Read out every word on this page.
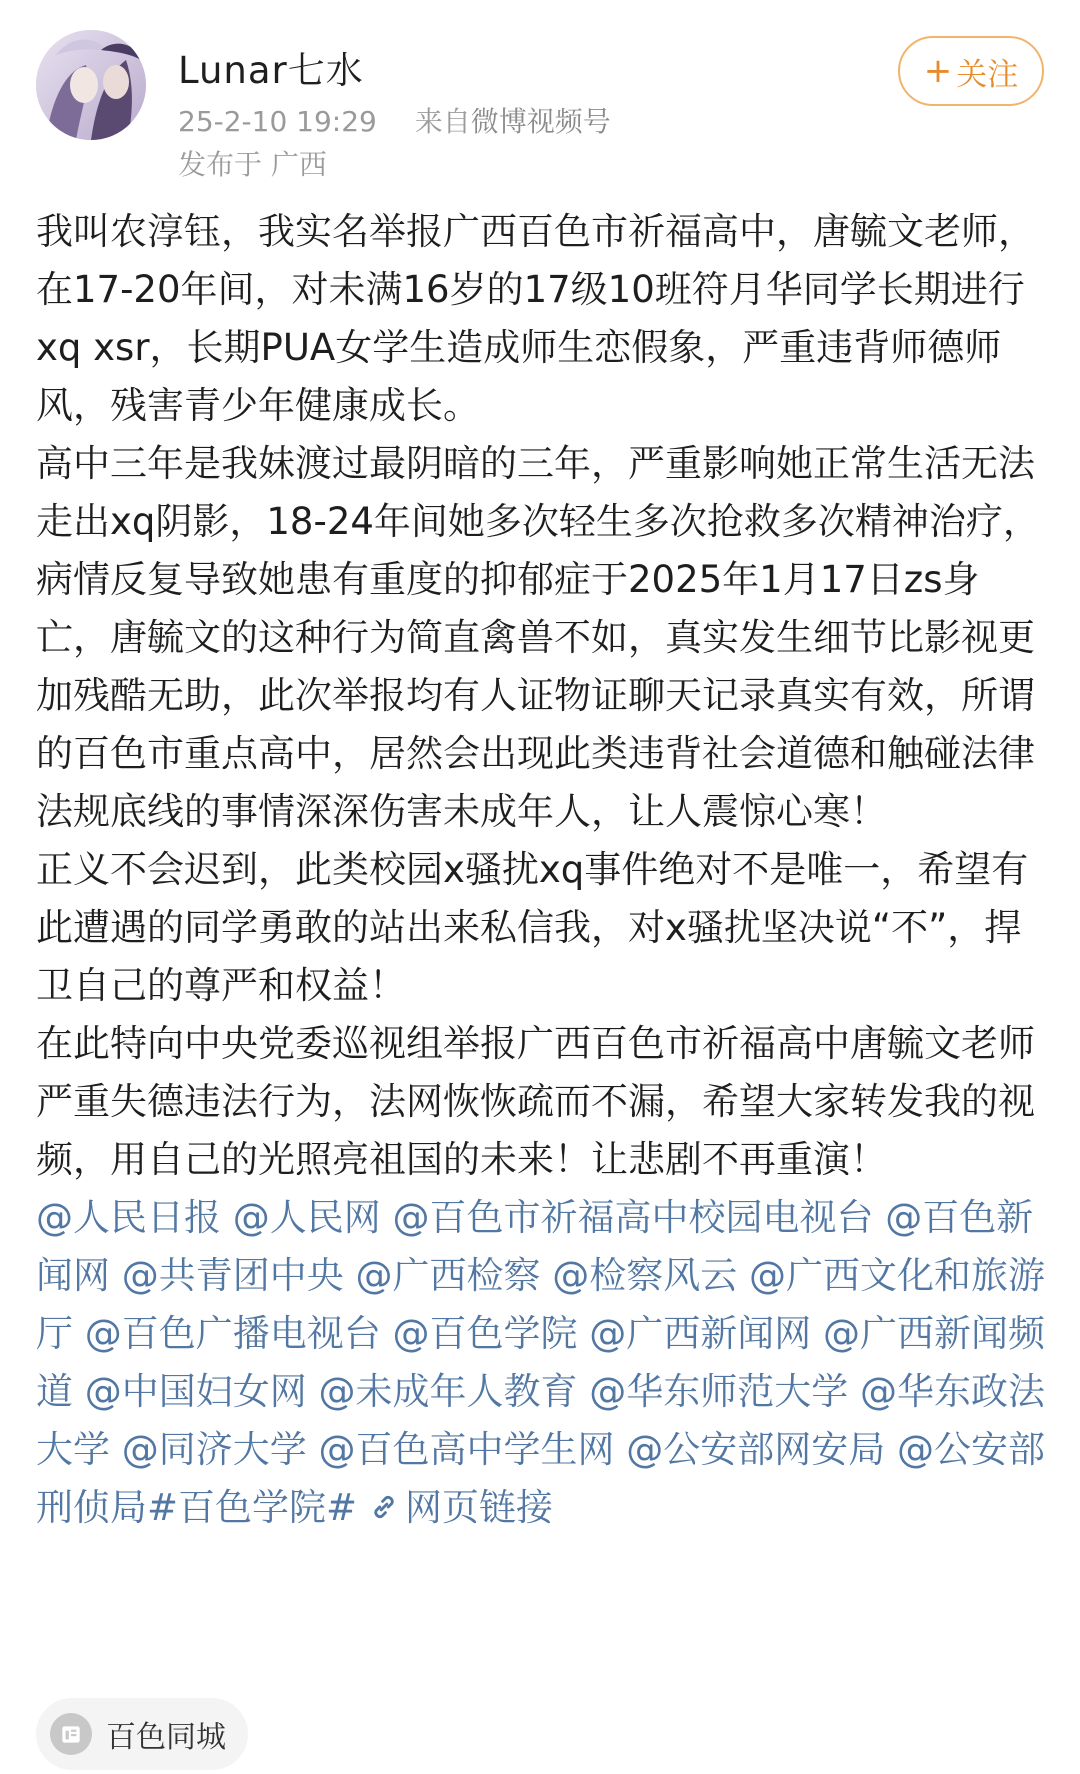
Lunar七水
25-2-10 19:29 来自微博视频号
发布于 广西
+ 关注

我叫农淳钰，我实名举报广西百色市祈福高中，唐毓文老师，在17-20年间，对未满16岁的17级10班符月华同学长期进行 xq xsr，长期PUA女学生造成师生恋假象，严重违背师德师风，残害青少年健康成长。

高中三年是我妹渡过最阴暗的三年，严重影响她正常生活无法走出xq阴影，18-24年间她多次轻生多次抢救多次精神治疗，病情反复导致她患有重度的抑郁症于2025年1月17日zs身亡，唐毓文的这种行为简直禽兽不如，真实发生细节比影视更加残酷无助，此次举报均有人证物证聊天记录真实有效，所谓的百色市重点高中，居然会出现此类违背社会道德和触碰法律法规底线的事情深深伤害未成年人，让人震惊心寒！

正义不会迟到，此类校园x骚扰xq事件绝对不是唯一，希望有此遭遇的同学勇敢的站出来私信我，对x骚扰坚决说“不”，捍卫自己的尊严和权益！

在此特向中央党委巡视组举报广西百色市祈福高中唐毓文老师严重失德违法行为，法网恢恢疏而不漏，希望大家转发我的视频，用自己的光照亮祖国的未来！让悲剧不再重演！

@人民日报 @人民网 @百色市祈福高中校园电视台 @百色新闻网 @共青团中央 @广西检察 @检察风云 @广西文化和旅游厅 @百色广播电视台 @百色学院 @广西新闻网 @广西新闻频道 @中国妇女网 @未成年人教育 @华东师范大学 @华东政法大学 @同济大学 @百色高中学生网 @公安部网安局 @公安部刑侦局#百色学院# 网页链接

百色同城
